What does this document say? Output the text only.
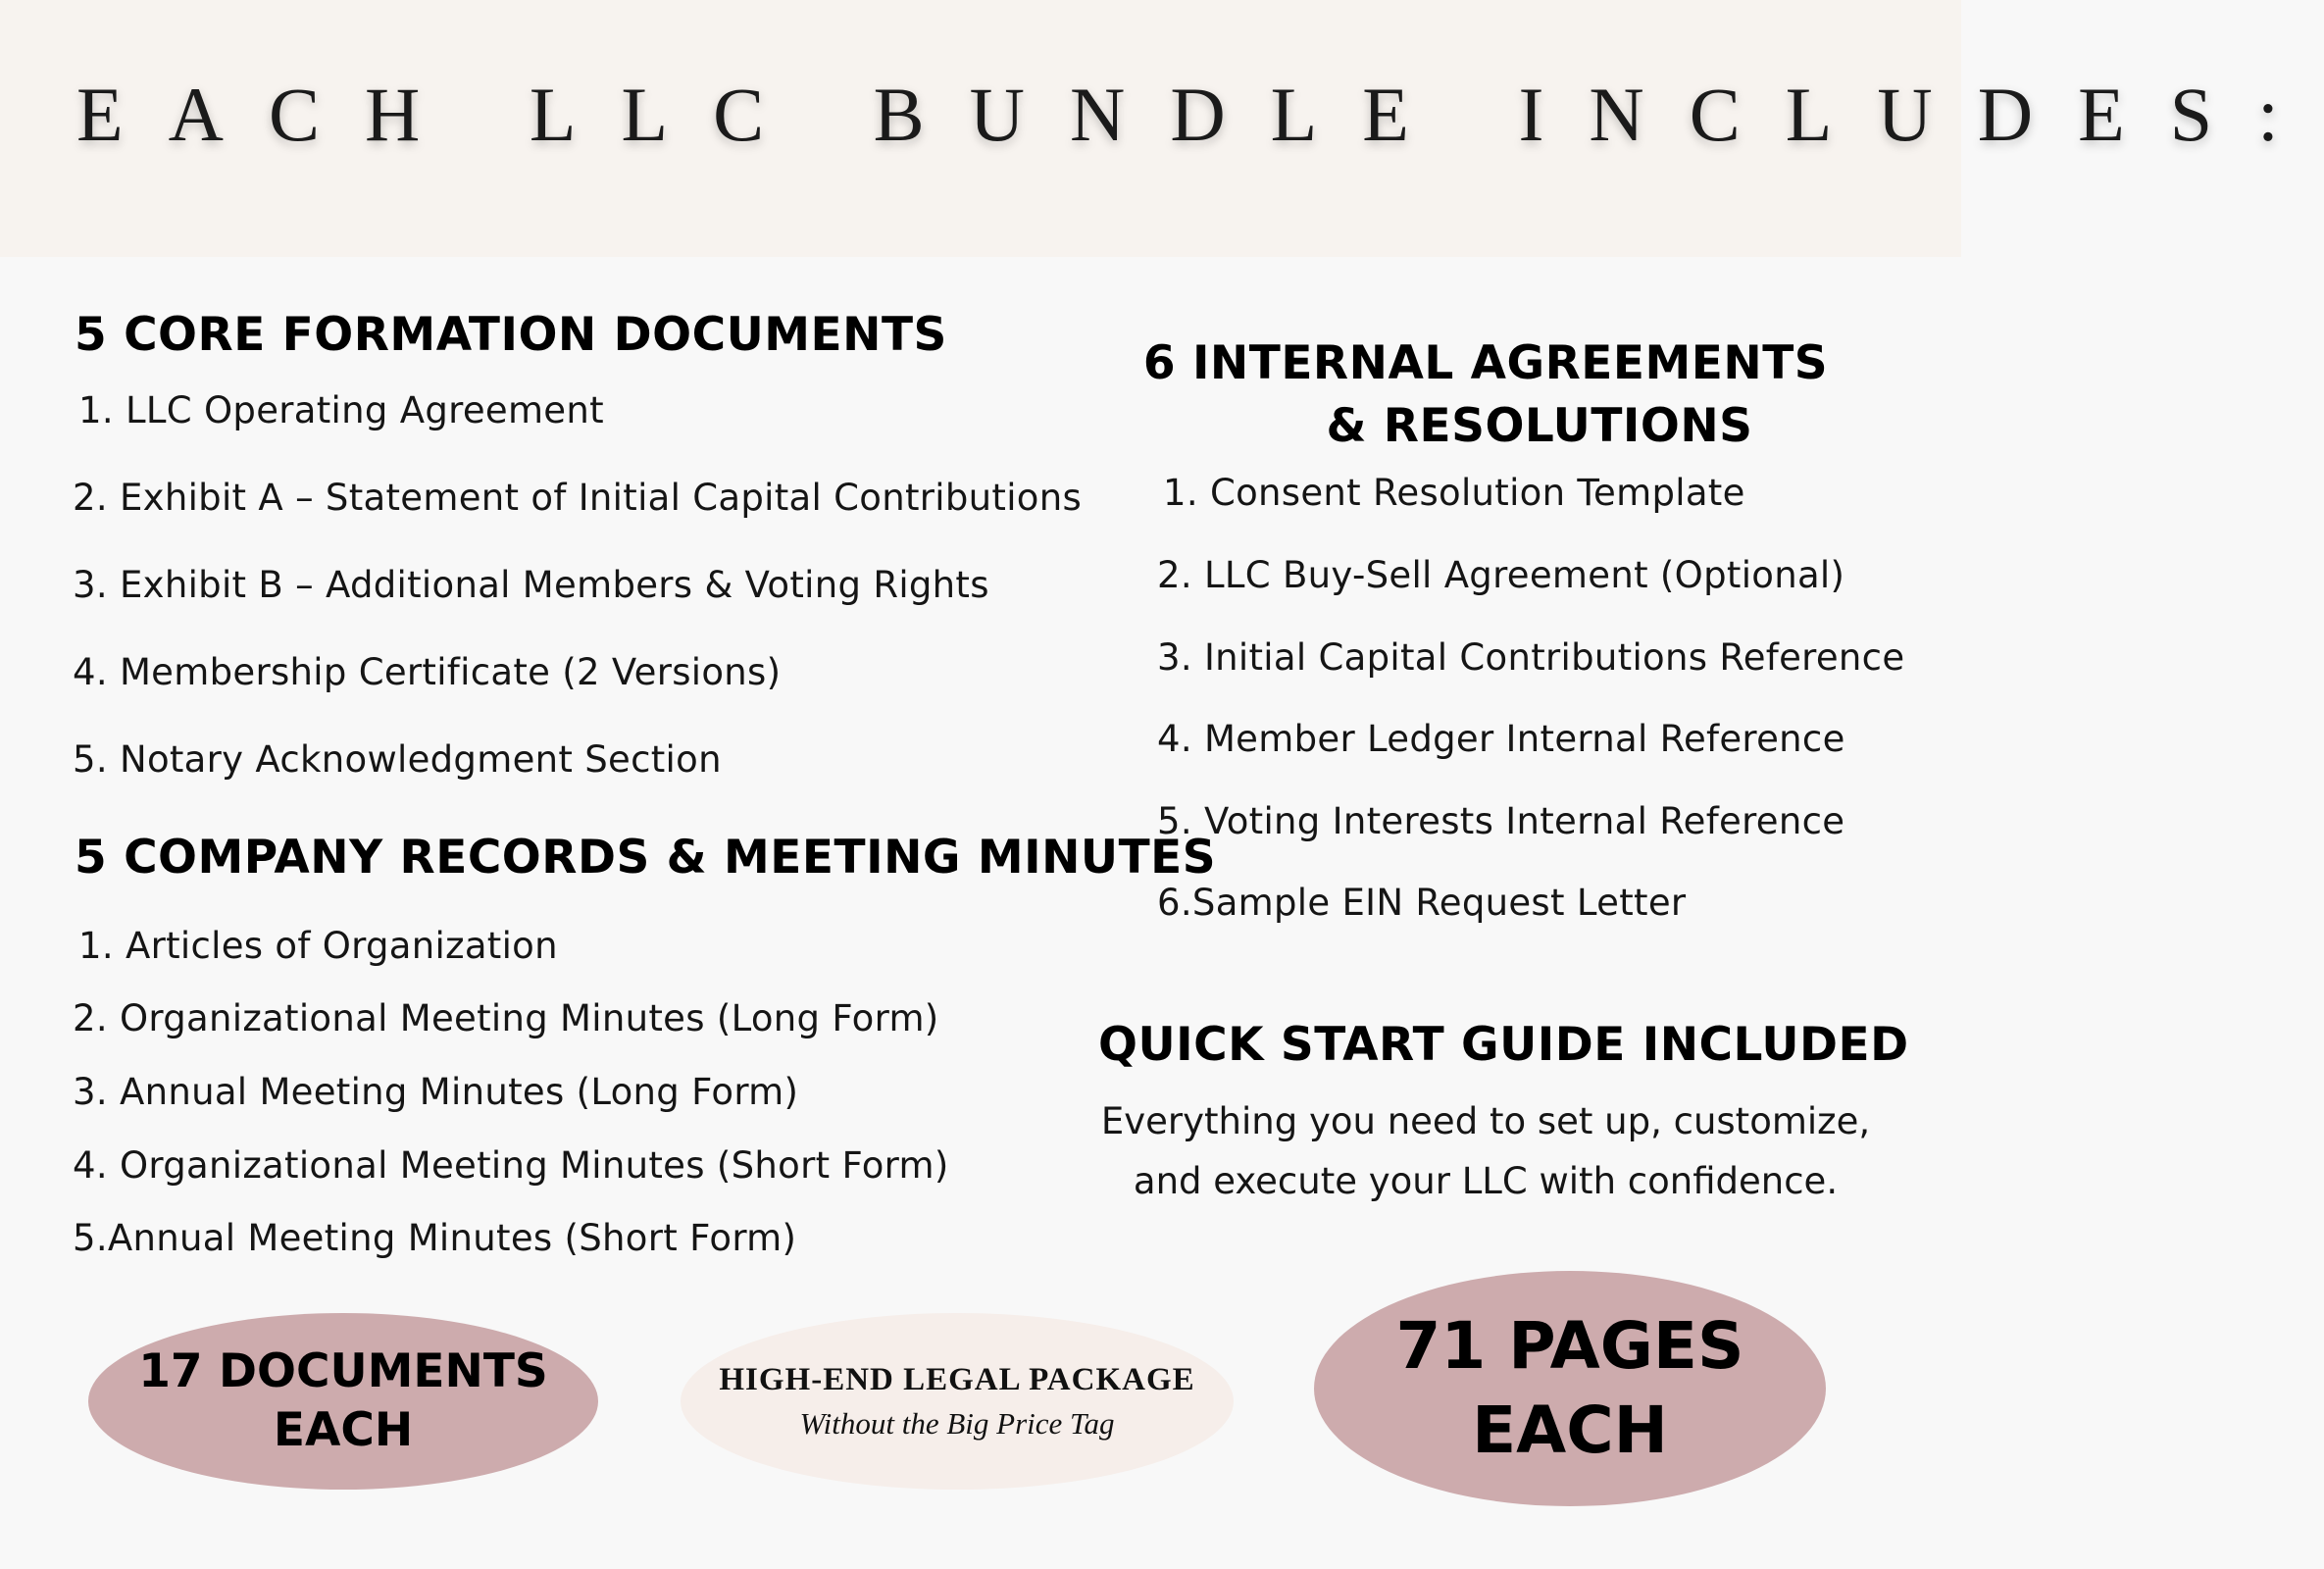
EACH LLC BUNDLE INCLUDES:
5 CORE FORMATION DOCUMENTS
1. LLC Operating Agreement
2. Exhibit A – Statement of Initial Capital Contributions
3. Exhibit B – Additional Members & Voting Rights
4. Membership Certificate (2 Versions)
5. Notary Acknowledgment Section
5 COMPANY RECORDS & MEETING MINUTES
1. Articles of Organization
2. Organizational Meeting Minutes (Long Form)
3. Annual Meeting Minutes (Long Form)
4. Organizational Meeting Minutes (Short Form)
5.Annual Meeting Minutes (Short Form)
6 INTERNAL AGREEMENTS
& RESOLUTIONS
1. Consent Resolution Template
2. LLC Buy-Sell Agreement (Optional)
3. Initial Capital Contributions Reference
4. Member Ledger Internal Reference
5. Voting Interests Internal Reference
6.Sample EIN Request Letter
QUICK START GUIDE INCLUDED
Everything you need to set up, customize,
and execute your LLC with confidence.
17 DOCUMENTS
EACH
HIGH-END LEGAL PACKAGE
Without the Big Price Tag
71 PAGES
EACH
